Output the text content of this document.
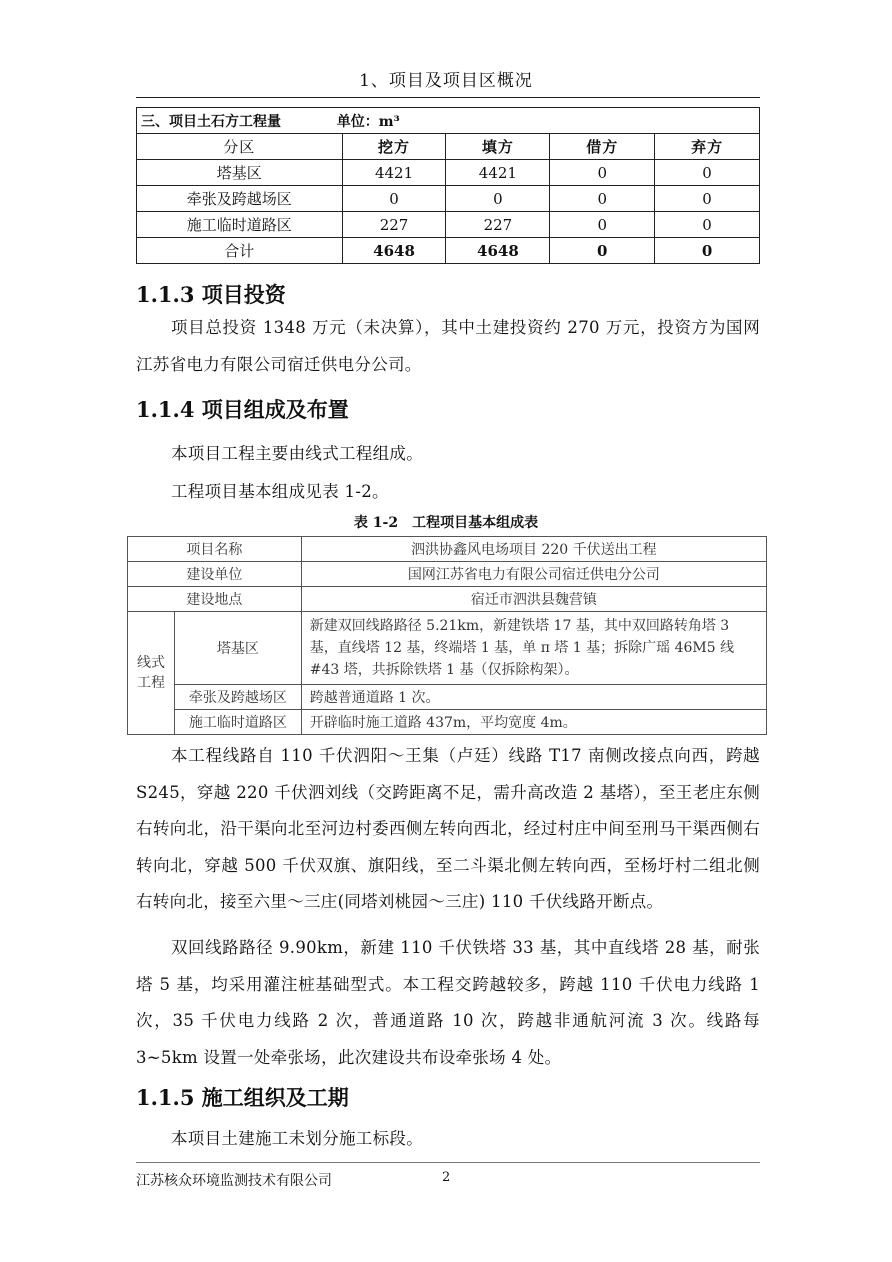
1、项目及项目区概况
三、项目土石方工程量 单位：m³				
分区	挖方	填方	借方	弃方
塔基区	4421	4421	0	0
牵张及跨越场区	0	0	0	0
施工临时道路区	227	227	0	0
合计	4648	4648	0	0
1.1.3 项目投资
项目总投资 1348 万元（未决算），其中土建投资约 270 万元，投资方为国网江苏省电力有限公司宿迁供电分公司。
1.1.4 项目组成及布置
本项目工程主要由线式工程组成。
工程项目基本组成见表 1-2。
表 1-2　工程项目基本组成表
项目名称		泗洪协鑫风电场项目 220 千伏送出工程
建设单位		国网江苏省电力有限公司宿迁供电分公司
建设地点		宿迁市泗洪县魏营镇

线式
工程	塔基区	新建双回线路路径 5.21km，新建铁塔 17 基，其中双回路转角塔 3 基，直线塔 12 基，终端塔 1 基，单 π 塔 1 基；拆除广瑶 46M5 线 #43 塔，共拆除铁塔 1 基（仅拆除构架）。
	牵张及跨越场区	跨越普通道路 1 次。
	施工临时道路区	开辟临时施工道路 437m，平均宽度 4m。
本工程线路自 110 千伏泗阳～王集（卢廷）线路 T17 南侧改接点向西，跨越 S245，穿越 220 千伏泗刘线（交跨距离不足，需升高改造 2 基塔），至王老庄东侧右转向北，沿干渠向北至河边村委西侧左转向西北，经过村庄中间至刑马干渠西侧右转向北，穿越 500 千伏双旗、旗阳线，至二斗渠北侧左转向西，至杨圩村二组北侧右转向北，接至六里～三庄(同塔刘桃园～三庄) 110 千伏线路开断点。
双回线路路径 9.90km，新建 110 千伏铁塔 33 基，其中直线塔 28 基，耐张塔 5 基，均采用灌注桩基础型式。本工程交跨越较多，跨越 110 千伏电力线路 1 次，35 千伏电力线路 2 次，普通道路 10 次，跨越非通航河流 3 次。线路每 3~5km 设置一处牵张场，此次建设共布设牵张场 4 处。
1.1.5 施工组织及工期
本项目土建施工未划分施工标段。
江苏核众环境监测技术有限公司	2
